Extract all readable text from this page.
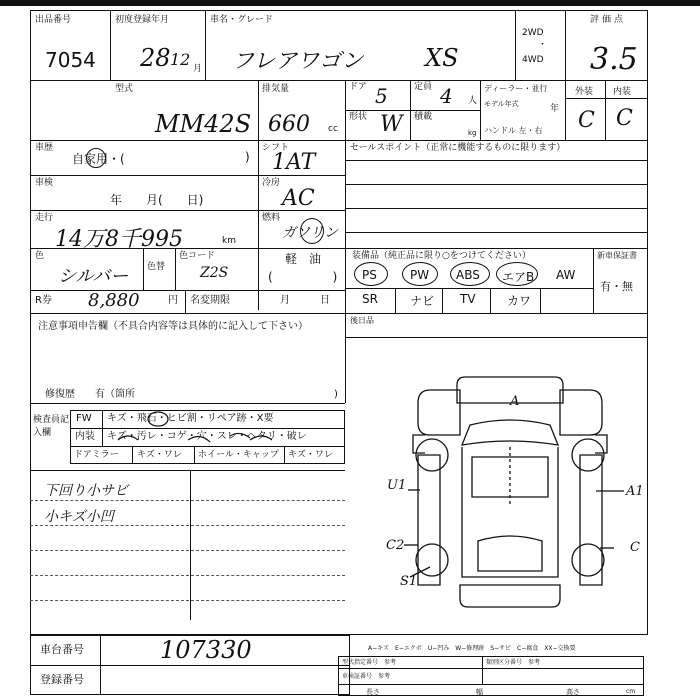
出品番号
7054
初度登録年月
28 12 月
車名・グレード
フレアワゴン	XS
2WD
・
4WD
評価点
3.5
型式
MM42S
排気量
660 cc
ドア 5	定員 4 人
形状 W 積載
kg
ディーラー・並行
モデル年式	年
ハンドル 左・右
外装 内装
C C
車歴
自家用・(	)
シフト
1AT
車検
年　　月(　　日)
冷房
AC
走行
14万8千995	km
燃料
ガソリン
軽　油
(　　　　　)
色
シルバー 色替
色コード
Z2S
R券 8,880	円 名変期限	月　　　日
セールスポイント（正常に機能するものに限ります）
装備品（純正品に限り○をつけてください）	新車保証書
有・無
PS	PW ABS エアB AW
SR	ナビ TV	カワ
後日品
注意事項申告欄（不具合内容等は具体的に記入して下さい）
修復歴　　有（箇所	)
検査員記入欄
FW キズ・飛石・ヒビ割・リペア跡・X要
内装 キズ・汚レ・コゲ・穴・スレ・ヘタリ・破レ
ドアミラー キズ・ワレ ホイール・キャップ キズ・ワレ
下回り小サビ
小キズ小凹
A
U1	A1
C2	C
S1
車台番号	107330
登録番号
A−キズ　E−エクボ　U−凹み　W−修理跡　S−サビ　C−腐食　XX−交換要
型式指定番号　参考
車検証番号　参考
類別区分番号　参考
長さ	幅	高さ	cm
